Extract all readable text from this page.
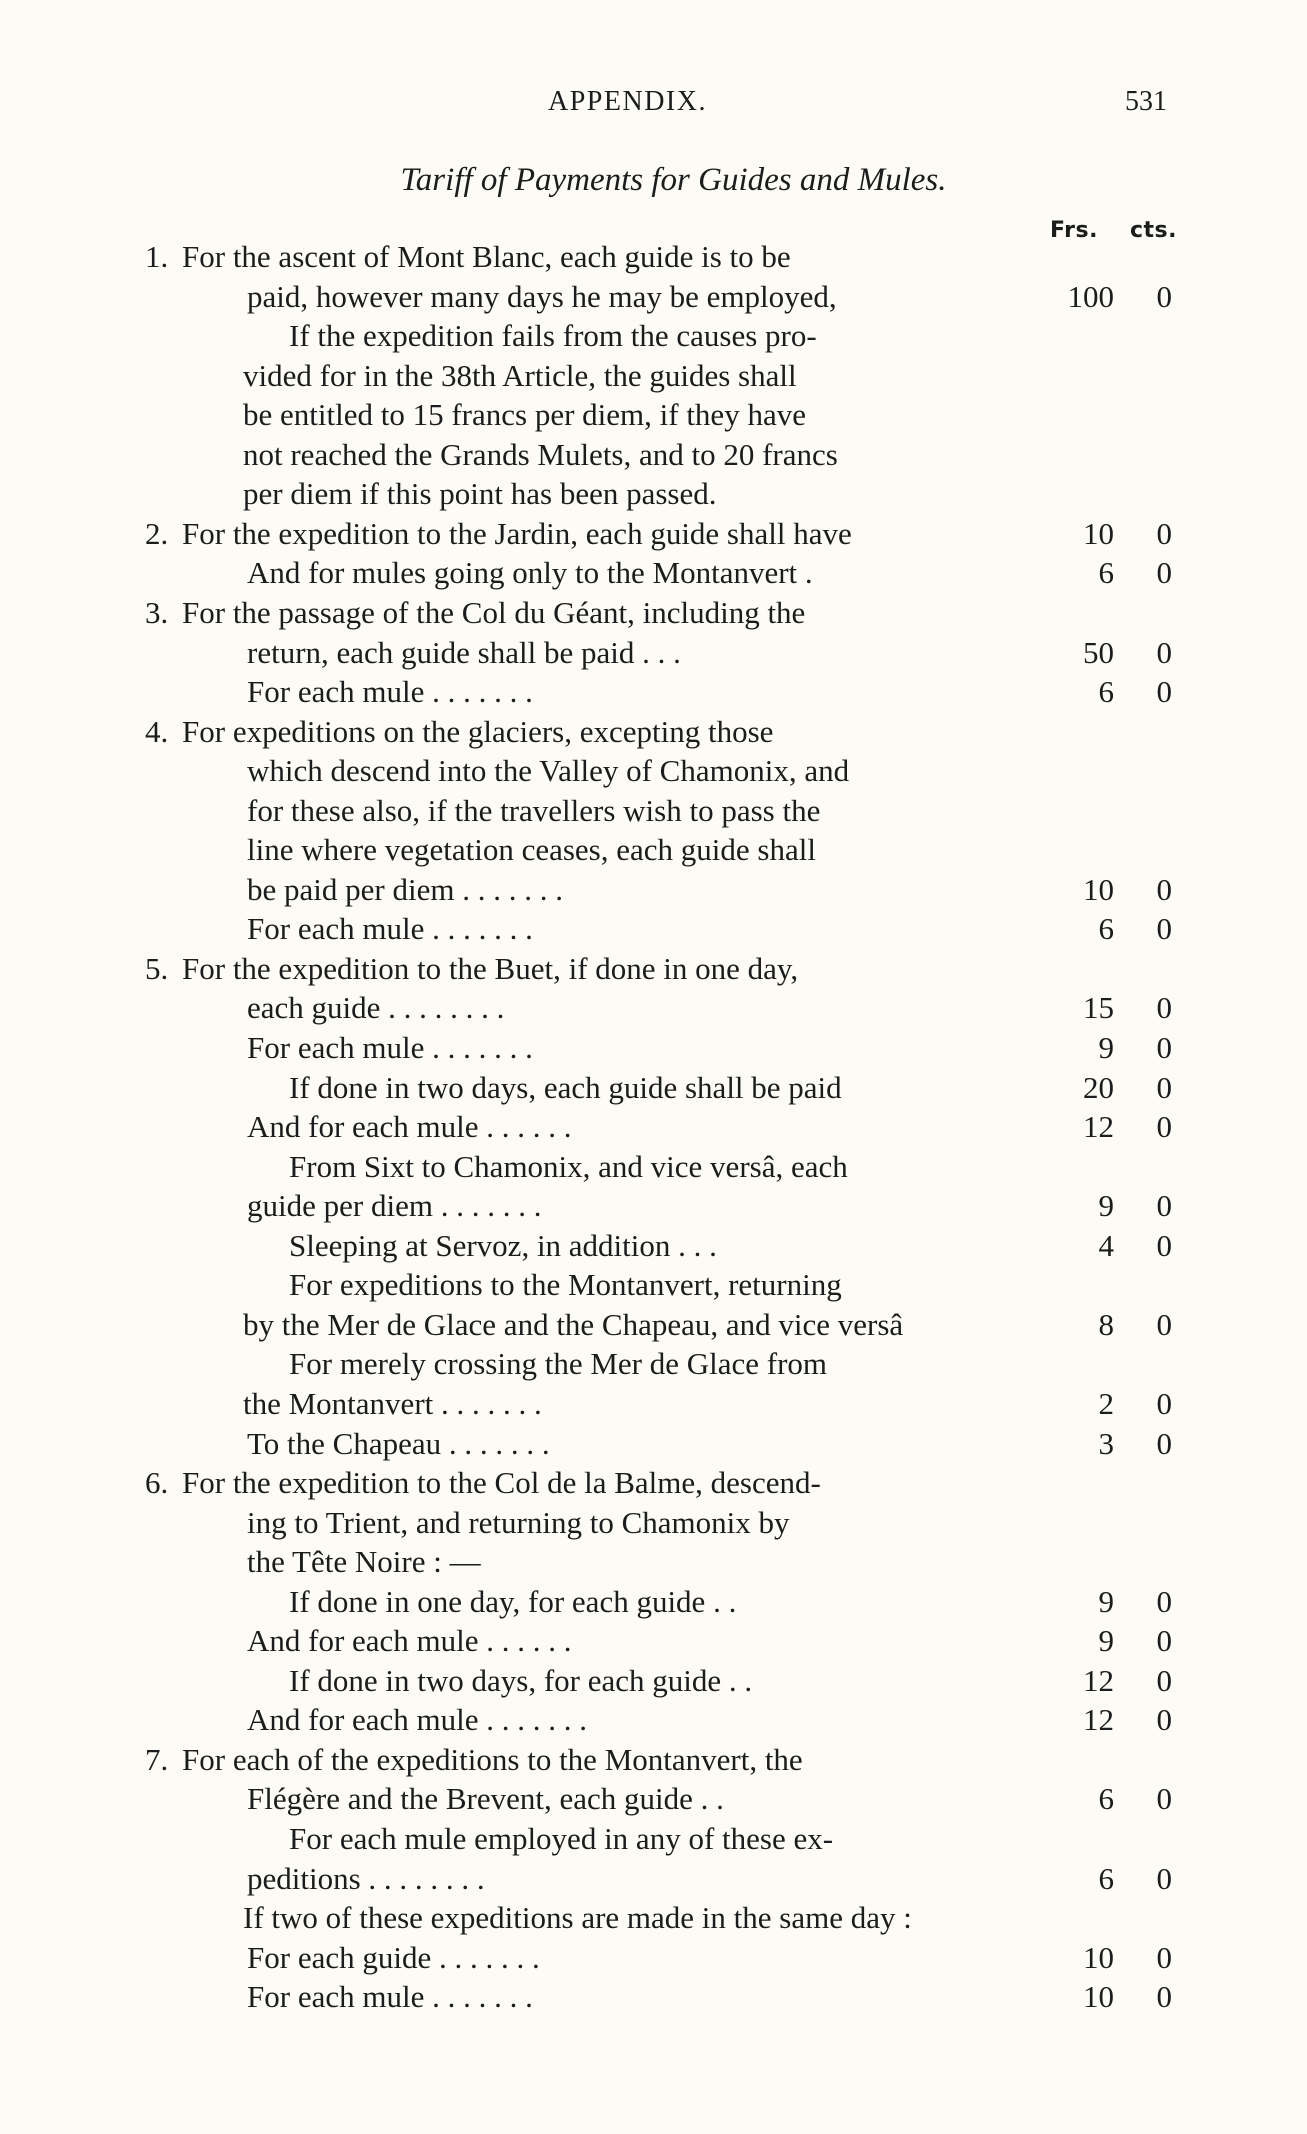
APPENDIX.	531
Tariff of Payments for Guides and Mules.
Frs. cts.
1. For the ascent of Mont Blanc, each guide is to be
paid, however many days he may be employed,	100	0
If the expedition fails from the causes pro-
vided for in the 38th Article, the guides shall
be entitled to 15 francs per diem, if they have
not reached the Grands Mulets, and to 20 francs
per diem if this point has been passed.
2. For the expedition to the Jardin, each guide shall have	10	0
And for mules going only to the Montanvert .	6	0
3. For the passage of the Col du Géant, including the
return, each guide shall be paid . . .	50	0
For each mule . . . . . . .	6	0
4. For expeditions on the glaciers, excepting those
which descend into the Valley of Chamonix, and
for these also, if the travellers wish to pass the
line where vegetation ceases, each guide shall
be paid per diem . . . . . . .	10	0
For each mule . . . . . . .	6	0
5. For the expedition to the Buet, if done in one day,
each guide . . . . . . . .	15	0
For each mule . . . . . . .	9	0
If done in two days, each guide shall be paid	20	0
And for each mule . . . . . .	12	0
From Sixt to Chamonix, and vice versâ, each
guide per diem . . . . . . .	9	0
Sleeping at Servoz, in addition . . .	4	0
For expeditions to the Montanvert, returning
by the Mer de Glace and the Chapeau, and vice versâ	8	0
For merely crossing the Mer de Glace from
the Montanvert . . . . . . .	2	0
To the Chapeau . . . . . . .	3	0
6. For the expedition to the Col de la Balme, descend-
ing to Trient, and returning to Chamonix by
the Tête Noire : —
If done in one day, for each guide . .	9	0
And for each mule . . . . . .	9	0
If done in two days, for each guide . .	12	0
And for each mule . . . . . . .	12	0
7. For each of the expeditions to the Montanvert, the
Flégère and the Brevent, each guide . .	6	0
For each mule employed in any of these ex-
peditions . . . . . . . .	6	0
If two of these expeditions are made in the same day :
For each guide . . . . . . .	10	0
For each mule . . . . . . .	10	0
